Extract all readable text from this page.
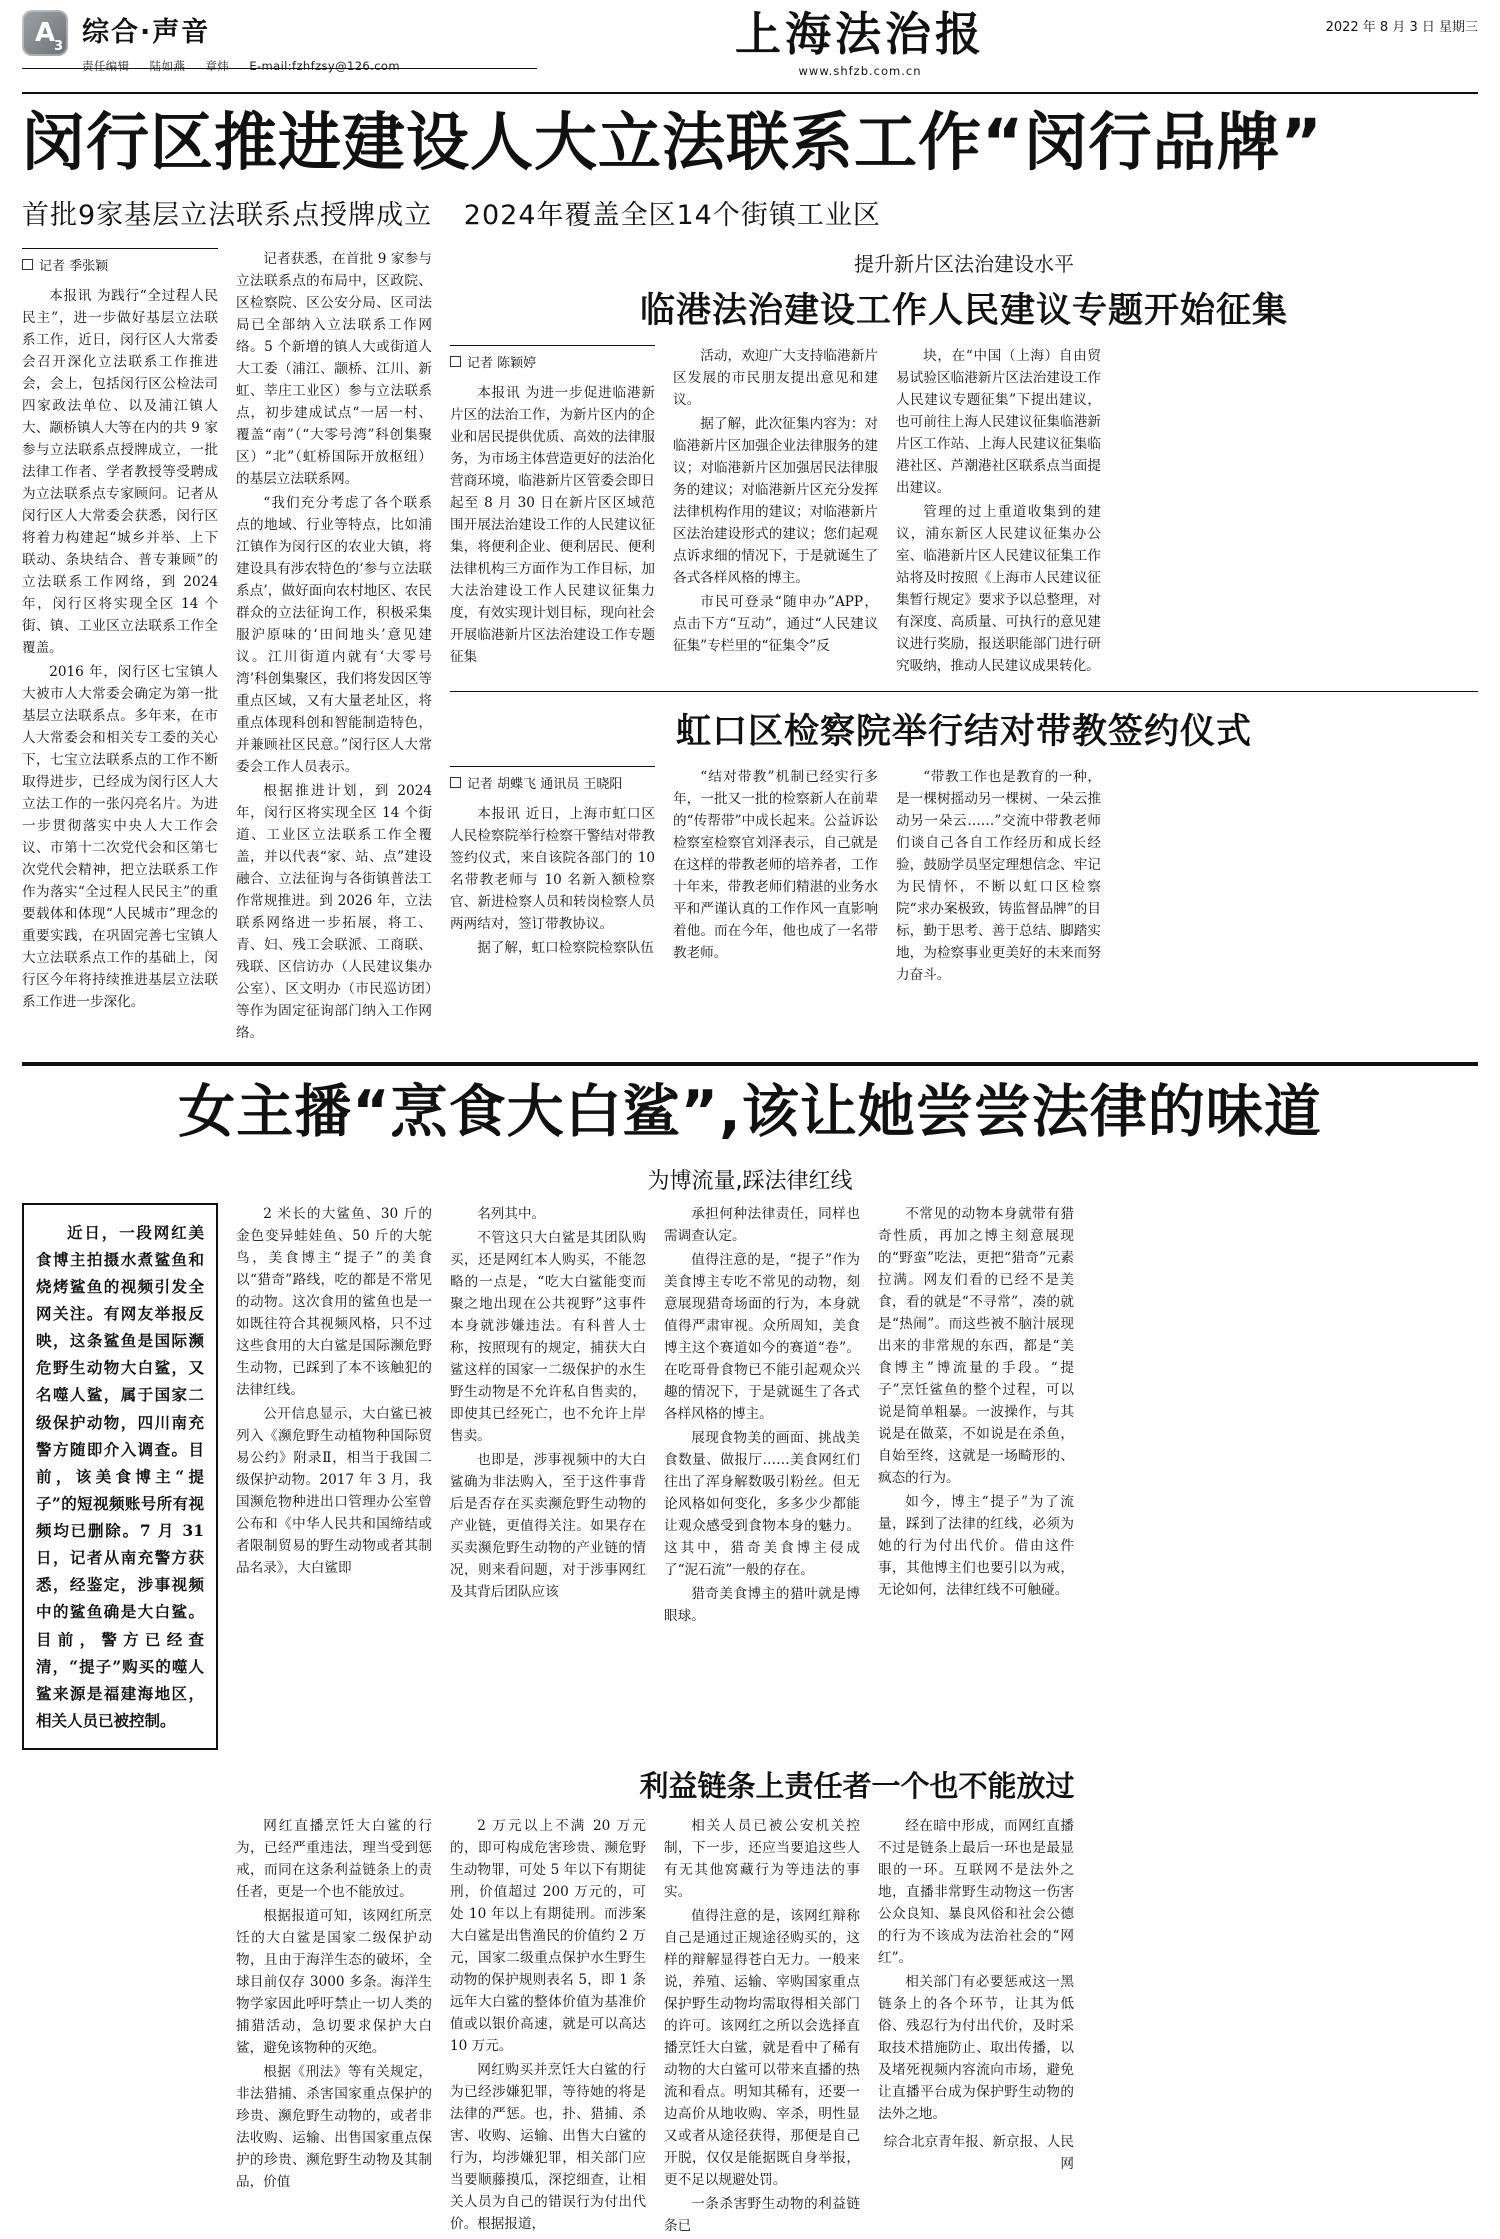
A
3 综合·声音
责任编辑 陆如燕 章炜 E-mail:fzhfzsy@126.com
上海法治报
www.shfzb.com.cn
2022 年 8 月 3 日 星期三
闵行区推进建设人大立法联系工作“闵行品牌”
首批9家基层立法联系点授牌成立 2024年覆盖全区14个街镇工业区
记者 季张颖

本报讯 为践行“全过程人民民主”，进一步做好基层立法联系工作，近日，闵行区人大常委会召开深化立法联系工作推进会，会上，包括闵行区公检法司四家政法单位、以及浦江镇人大、颛桥镇人大等在内的共 9 家参与立法联系点授牌成立，一批法律工作者、学者教授等受聘成为立法联系点专家顾问。记者从闵行区人大常委会获悉，闵行区将着力构建起“城乡并举、上下联动、条块结合、普专兼顾”的立法联系工作网络，到 2024 年，闵行区将实现全区 14 个街、镇、工业区立法联系工作全覆盖。

2016 年，闵行区七宝镇人大被市人大常委会确定为第一批基层立法联系点。多年来，在市人大常委会和相关专工委的关心下，七宝立法联系点的工作不断取得进步，已经成为闵行区人大立法工作的一张闪亮名片。为进一步贯彻落实中央人大工作会议、市第十二次党代会和区第七次党代会精神，把立法联系工作作为落实“全过程人民民主”的重要载体和体现“人民城市”理念的重要实践，在巩固完善七宝镇人大立法联系点工作的基础上，闵行区今年将持续推进基层立法联系工作进一步深化。

记者获悉，在首批 9 家参与立法联系点的布局中，区政院、区检察院、区公安分局、区司法局已全部纳入立法联系工作网络。5 个新增的镇人大或街道人大工委（浦江、颛桥、江川、新虹、莘庄工业区）参与立法联系点，初步建成试点“一居一村、覆盖“南”（“大零号湾”科创集聚区）“北”（虹桥国际开放枢纽）的基层立法联系网。

“我们充分考虑了各个联系点的地域、行业等特点，比如浦江镇作为闵行区的农业大镇，将建设具有涉农特色的‘参与立法联系点’，做好面向农村地区、农民群众的立法征询工作，积极采集服沪原味的‘田间地头’意见建议。江川街道内就有‘大零号湾’科创集聚区，我们将发因区等重点区域，又有大量老址区，将重点体现科创和智能制造特色，并兼顾社区民意。”闵行区人大常委会工作人员表示。

根据推进计划，到 2024 年，闵行区将实现全区 14 个街道、工业区立法联系工作全覆盖，并以代表“家、站、点”建设融合、立法征询与各街镇普法工作常规推进。到 2026 年，立法联系网络进一步拓展，将工、青、妇、残工会联派、工商联、残联、区信访办（人民建议集办公室）、区文明办（市民巡访团）等作为固定征询部门纳入工作网络。

提升新片区法治建设水平
临港法治建设工作人民建议专题开始征集
记者 陈颖婷

本报讯 为进一步促进临港新片区的法治工作，为新片区内的企业和居民提供优质、高效的法律服务，为市场主体营造更好的法治化营商环境，临港新片区管委会即日起至 8 月 30 日在新片区区域范围开展法治建设工作的人民建议征集，将便利企业、便利居民、便利法律机构三方面作为工作目标，加大法治建设工作人民建议征集力度，有效实现计划目标，现向社会开展临港新片区法治建设工作专题征集

活动，欢迎广大支持临港新片区发展的市民朋友提出意见和建议。

据了解，此次征集内容为：对临港新片区加强企业法律服务的建议；对临港新片区加强居民法律服务的建议；对临港新片区充分发挥法律机构作用的建议；对临港新片区法治建设形式的建议；您们起观点诉求细的情况下，于是就诞生了各式各样风格的博主。

市民可登录“随申办”APP，点击下方“互动”，通过“人民建议征集”专栏里的“征集令”反

块，在“中国（上海）自由贸易试验区临港新片区法治建设工作人民建议专题征集”下提出建议，也可前往上海人民建议征集临港新片区工作站、上海人民建议征集临港社区、芦潮港社区联系点当面提出建议。

管理的过上重道收集到的建议，浦东新区人民建议征集办公室、临港新片区人民建议征集工作站将及时按照《上海市人民建议征集暂行规定》要求予以总整理，对有深度、高质量、可执行的意见建议进行奖励，报送职能部门进行研究吸纳，推动人民建议成果转化。

虹口区检察院举行结对带教签约仪式
记者 胡蝶飞 通讯员 王晓阳

本报讯 近日，上海市虹口区人民检察院举行检察干警结对带教签约仪式，来自该院各部门的 10 名带教老师与 10 名新入额检察官、新进检察人员和转岗检察人员两两结对，签订带教协议。

据了解，虹口检察院检察队伍

“结对带教”机制已经实行多年，一批又一批的检察新人在前辈的“传帮带”中成长起来。公益诉讼检察室检察官刘泽表示，自己就是在这样的带教老师的培养者，工作十年来，带教老师们精湛的业务水平和严谨认真的工作作风一直影响着他。而在今年，他也成了一名带教老师。

“带教工作也是教育的一种，是一棵树摇动另一棵树、一朵云推动另一朵云……”交流中带教老师们谈自己各自工作经历和成长经验，鼓励学员坚定理想信念、牢记为民情怀，不断以虹口区检察院“求办案极致，铸监督品牌”的目标，勤于思考、善于总结、脚踏实地，为检察事业更美好的未来而努力奋斗。

女主播“烹食大白鲨”,该让她尝尝法律的味道
为博流量,踩法律红线

近日，一段网红美食博主拍摄水煮鲨鱼和烧烤鲨鱼的视频引发全网关注。有网友举报反映，这条鲨鱼是国际濒危野生动物大白鲨，又名噬人鲨，属于国家二级保护动物，四川南充警方随即介入调查。目前，该美食博主“提子”的短视频账号所有视频均已删除。7 月 31 日，记者从南充警方获悉，经鉴定，涉事视频中的鲨鱼确是大白鲨。目前，警方已经查清，“提子”购买的噬人鲨来源是福建海地区，相关人员已被控制。

2 米长的大鲨鱼、30 斤的金色变异蛙娃鱼、50 斤的大鸵鸟，美食博主“提子”的美食以“猎奇”路线，吃的都是不常见的动物。这次食用的鲨鱼也是一如既往符合其视频风格，只不过这些食用的大白鲨是国际濒危野生动物，已踩到了本不该触犯的法律红线。

公开信息显示，大白鲨已被列入《濒危野生动植物种国际贸易公约》附录Ⅱ，相当于我国二级保护动物。2017 年 3 月，我国濒危物种进出口管理办公室曾公布和《中华人民共和国缔结或者限制贸易的野生动物或者其制品名录》，大白鲨即

名列其中。

不管这只大白鲨是其团队购买，还是网红本人购买，不能忽略的一点是，“吃大白鲨能变而聚之地出现在公共视野”这事件本身就涉嫌违法。有科普人士称，按照现有的规定，捕获大白鲨这样的国家一二级保护的水生野生动物是不允许私自售卖的，即使其已经死亡，也不允许上岸售卖。

也即是，涉事视频中的大白鲨确为非法购入，至于这件事背后是否存在买卖濒危野生动物的产业链，更值得关注。如果存在买卖濒危野生动物的产业链的情况，则来看问题，对于涉事网红及其背后团队应该

承担何种法律责任，同样也需调查认定。

值得注意的是，“提子”作为美食博主专吃不常见的动物，刻意展现猎奇场面的行为，本身就值得严肃审视。众所周知，美食博主这个赛道如今的赛道“卷”。在吃哥骨食物已不能引起观众兴趣的情况下，于是就诞生了各式各样风格的博主。

展现食物美的画面、挑战美食数量、做报厅……美食网红们往出了浑身解数吸引粉丝。但无论风格如何变化，多多少少都能让观众感受到食物本身的魅力。这其中，猎奇美食博主侵成了“泥石流”一般的存在。

猎奇美食博主的猎叶就是博眼球。

不常见的动物本身就带有猎奇性质，再加之博主刻意展现的“野蛮”吃法，更把“猎奇”元素拉满。网友们看的已经不是美食，看的就是“不寻常”，凑的就是“热闹”。而这些被不脑汁展现出来的非常规的东西，都是“美食博主”博流量的手段。“提子”烹饪鲨鱼的整个过程，可以说是简单粗暴。一波操作，与其说是在做菜，不如说是在杀鱼，自始至终，这就是一场畸形的、疯态的行为。

如今，博主“提子”为了流量，踩到了法律的红线，必须为她的行为付出代价。借由这件事，其他博主们也要引以为戒，无论如何，法律红线不可触碰。

利益链条上责任者一个也不能放过

网红直播烹饪大白鲨的行为，已经严重违法，理当受到惩戒，而同在这条利益链条上的责任者，更是一个也不能放过。

根据报道可知，该网红所烹饪的大白鲨是国家二级保护动物，且由于海洋生态的破坏，全球目前仅存 3000 多条。海洋生物学家因此呼吁禁止一切人类的捕猎活动，急切要求保护大白鲨，避免该物种的灭绝。

根据《刑法》等有关规定，非法猎捕、杀害国家重点保护的珍贵、濒危野生动物的，或者非法收购、运输、出售国家重点保护的珍贵、濒危野生动物及其制品，价值

2 万元以上不满 20 万元的，即可构成危害珍贵、濒危野生动物罪，可处 5 年以下有期徒刑，价值超过 200 万元的，可处 10 年以上有期徒刑。而涉案大白鲨是出售渔民的价值约 2 万元，国家二级重点保护水生野生动物的保护规则表名 5，即 1 条远年大白鲨的整体价值为基准价值或以银价高速，就是可以高达 10 万元。

网红购买并烹饪大白鲨的行为已经涉嫌犯罪，等待她的将是法律的严惩。也，扑、猎捕、杀害、收购、运输、出售大白鲨的行为，均涉嫌犯罪，相关部门应当要顺藤摸瓜，深挖细查，让相关人员为自己的错误行为付出代价。根据报道，

相关人员已被公安机关控制，下一步，还应当要追这些人有无其他窝藏行为等违法的事实。

值得注意的是，该网红辩称自己是通过正规途径购买的，这样的辩解显得苍白无力。一般来说，养殖、运输、宰购国家重点保护野生动物均需取得相关部门的许可。该网红之所以会选择直播烹饪大白鲨，就是看中了稀有动物的大白鲨可以带来直播的热流和看点。明知其稀有，还要一边高价从地收购、宰杀，明性显又或者从途径获得，那便是自己开脱，仅仅是能据既自身举报，更不足以规避处罚。

一条杀害野生动物的利益链条已

经在暗中形成，而网红直播不过是链条上最后一环也是最显眼的一环。互联网不是法外之地，直播非常野生动物这一伤害公众良知、暴良风俗和社会公德的行为不该成为法治社会的“网红”。

相关部门有必要惩戒这一黑链条上的各个环节，让其为低俗、残忍行为付出代价，及时采取技术措施防止、取出传播，以及堵死视频内容流向市场，避免让直播平台成为保护野生动物的法外之地。

综合北京青年报、新京报、人民网
